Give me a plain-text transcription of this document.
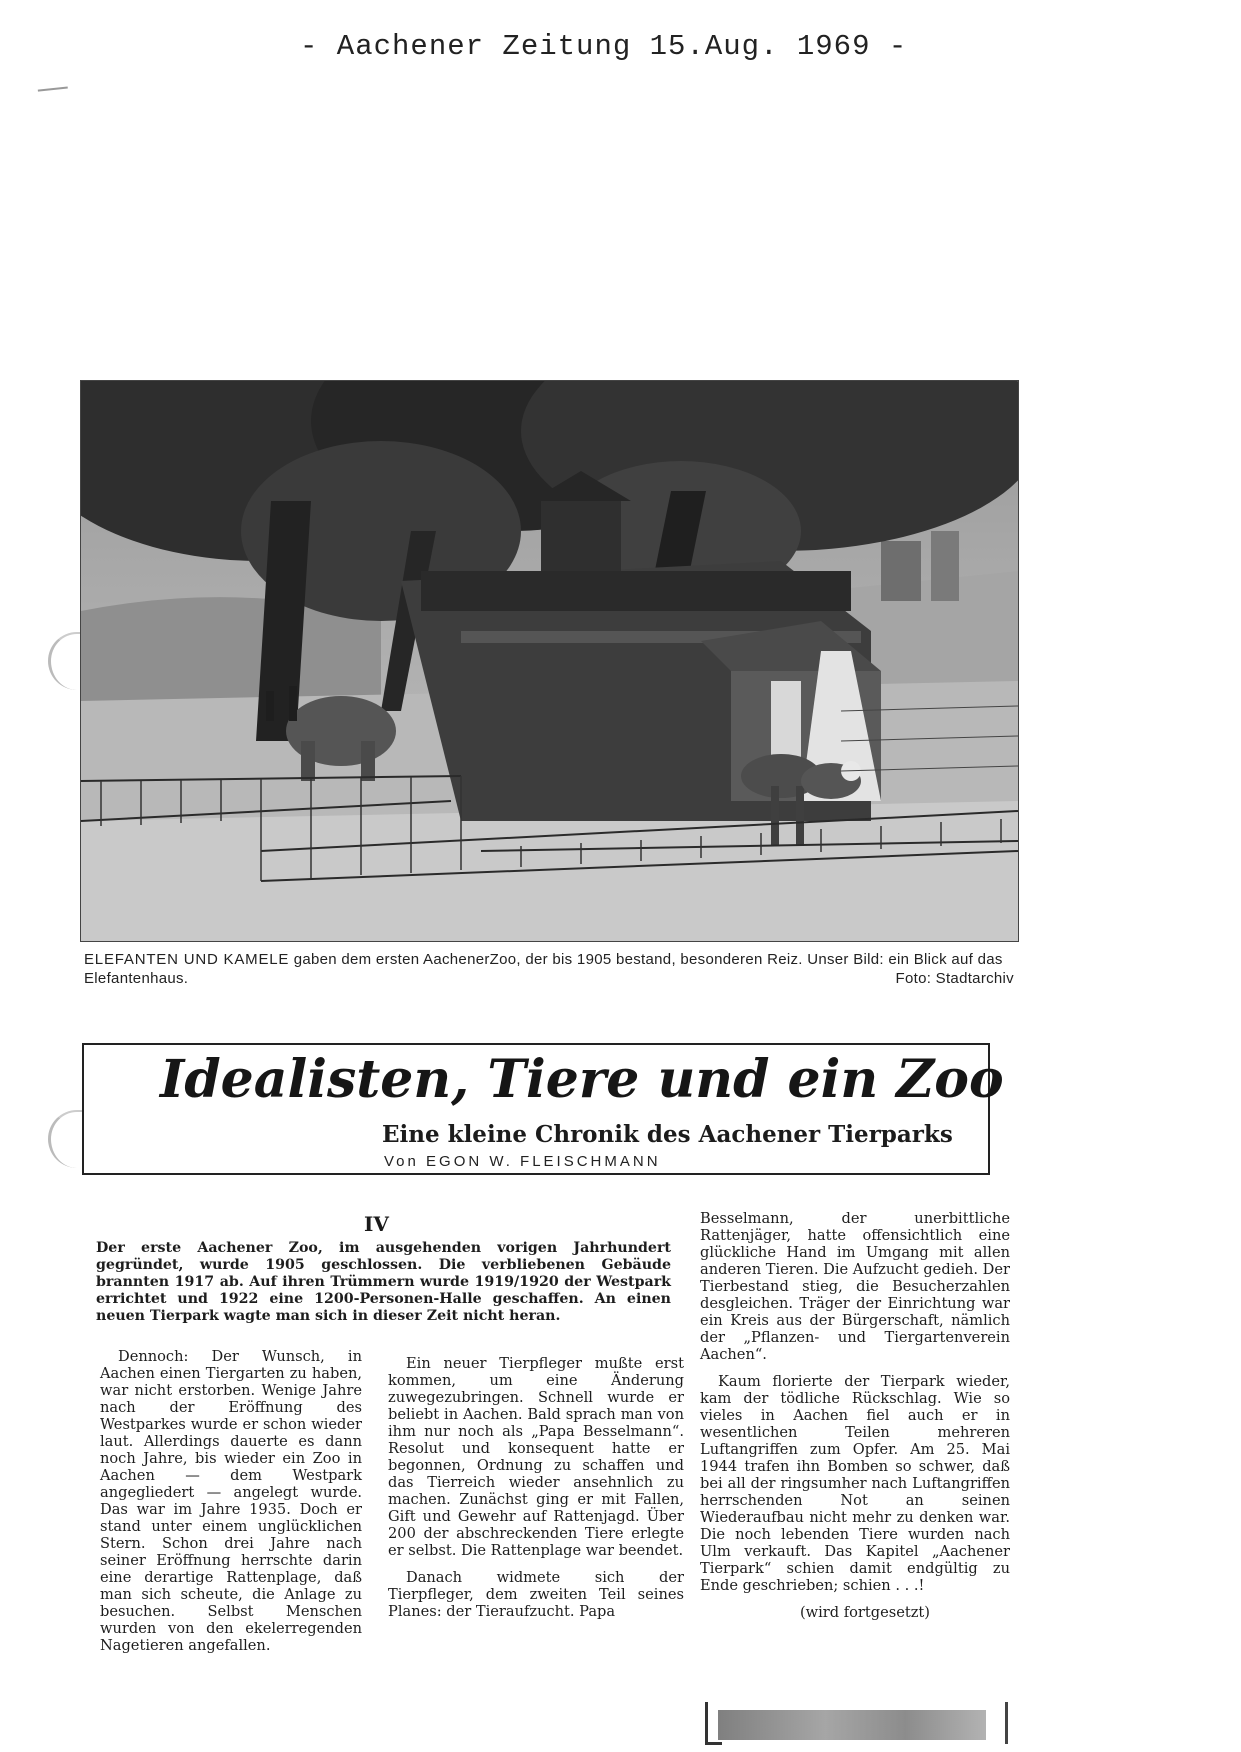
- Aachener Zeitung 15.Aug. 1969 -
ELEFANTEN UND KAMELE gaben dem ersten AachenerZoo, der bis 1905 bestand, besonderen Reiz. Unser Bild: ein Blick auf das Elefantenhaus.	Foto: Stadtarchiv
Idealisten, Tiere und ein Zoo
Eine kleine Chronik des Aachener Tierparks
Von EGON W. FLEISCHMANN
IV
Der erste Aachener Zoo, im ausgehenden vorigen Jahrhundert gegründet, wurde 1905 geschlossen. Die verbliebenen Gebäude brannten 1917 ab. Auf ihren Trümmern wurde 1919/1920 der Westpark errichtet und 1922 eine 1200-Personen-Halle geschaffen. An einen neuen Tierpark wagte man sich in dieser Zeit nicht heran.

Dennoch: Der Wunsch, in Aachen einen Tiergarten zu haben, war nicht erstorben. Wenige Jahre nach der Eröffnung des Westparkes wurde er schon wieder laut. Allerdings dauerte es dann noch Jahre, bis wieder ein Zoo in Aachen — dem Westpark angegliedert — angelegt wurde. Das war im Jahre 1935. Doch er stand unter einem unglücklichen Stern. Schon drei Jahre nach seiner Eröffnung herrschte darin eine derartige Rattenplage, daß man sich scheute, die Anlage zu besuchen. Selbst Menschen wurden von den ekelerregenden Nagetieren angefallen.

Ein neuer Tierpfleger mußte erst kommen, um eine Änderung zuwegezubringen. Schnell wurde er beliebt in Aachen. Bald sprach man von ihm nur noch als „Papa Besselmann“. Resolut und konsequent hatte er begonnen, Ordnung zu schaffen und das Tierreich wieder ansehnlich zu machen. Zunächst ging er mit Fallen, Gift und Gewehr auf Rattenjagd. Über 200 der abschreckenden Tiere erlegte er selbst. Die Rattenplage war beendet.

Danach widmete sich der Tierpfleger, dem zweiten Teil seines Planes: der Tieraufzucht. Papa

Besselmann, der unerbittliche Rattenjäger, hatte offensichtlich eine glückliche Hand im Umgang mit allen anderen Tieren. Die Aufzucht gedieh. Der Tierbestand stieg, die Besucherzahlen desgleichen. Träger der Einrichtung war ein Kreis aus der Bürgerschaft, nämlich der „Pflanzen- und Tiergartenverein Aachen“.

Kaum florierte der Tierpark wieder, kam der tödliche Rückschlag. Wie so vieles in Aachen fiel auch er in wesentlichen Teilen mehreren Luftangriffen zum Opfer. Am 25. Mai 1944 trafen ihn Bomben so schwer, daß bei all der ringsumher nach Luftangriffen herrschenden Not an seinen Wiederaufbau nicht mehr zu denken war. Die noch lebenden Tiere wurden nach Ulm verkauft. Das Kapitel „Aachener Tierpark“ schien damit endgültig zu Ende geschrieben; schien . . .!

(wird fortgesetzt)
